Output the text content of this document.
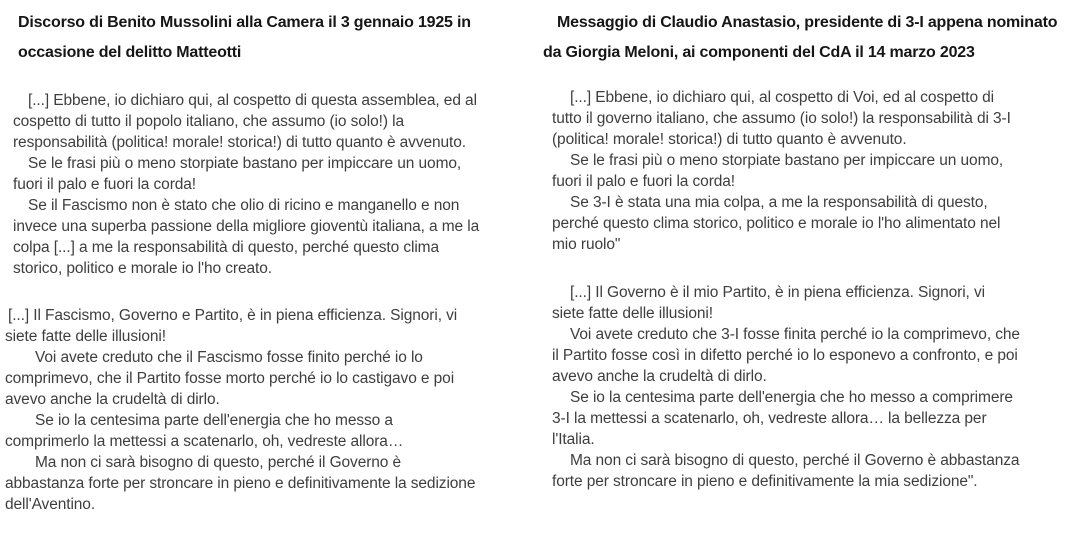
Discorso di Benito Mussolini alla Camera il 3 gennaio 1925 in
occasione del delitto Matteotti

[...] Ebbene, io dichiaro qui, al cospetto di questa assemblea, ed al
cospetto di tutto il popolo italiano, che assumo (io solo!) la
responsabilità (politica! morale! storica!) di tutto quanto è avvenuto.

Se le frasi più o meno storpiate bastano per impiccare un uomo,
fuori il palo e fuori la corda!

Se il Fascismo non è stato che olio di ricino e manganello e non
invece una superba passione della migliore gioventù italiana, a me la
colpa [...] a me la responsabilità di questo, perché questo clima
storico, politico e morale io l'ho creato.

[...] Il Fascismo, Governo e Partito, è in piena efficienza. Signori, vi
siete fatte delle illusioni!

Voi avete creduto che il Fascismo fosse finito perché io lo
comprimevo, che il Partito fosse morto perché io lo castigavo e poi
avevo anche la crudeltà di dirlo.

Se io la centesima parte dell'energia che ho messo a
comprimerlo la mettessi a scatenarlo, oh, vedreste allora…

Ma non ci sarà bisogno di questo, perché il Governo è
abbastanza forte per stroncare in pieno e definitivamente la sedizione
dell'Aventino.

Messaggio di Claudio Anastasio, presidente di 3-I appena nominato
da Giorgia Meloni, ai componenti del CdA il 14 marzo 2023

[...] Ebbene, io dichiaro qui, al cospetto di Voi, ed al cospetto di
tutto il governo italiano, che assumo (io solo!) la responsabilità di 3-I
(politica! morale! storica!) di tutto quanto è avvenuto.

Se le frasi più o meno storpiate bastano per impiccare un uomo,
fuori il palo e fuori la corda!

Se 3-I è stata una mia colpa, a me la responsabilità di questo,
perché questo clima storico, politico e morale io l'ho alimentato nel
mio ruolo"

[...] Il Governo è il mio Partito, è in piena efficienza. Signori, vi
siete fatte delle illusioni!

Voi avete creduto che 3-I fosse finita perché io la comprimevo, che
il Partito fosse così in difetto perché io lo esponevo a confronto, e poi
avevo anche la crudeltà di dirlo.

Se io la centesima parte dell'energia che ho messo a comprimere
3-I la mettessi a scatenarlo, oh, vedreste allora… la bellezza per
l'Italia.

Ma non ci sarà bisogno di questo, perché il Governo è abbastanza
forte per stroncare in pieno e definitivamente la mia sedizione".
